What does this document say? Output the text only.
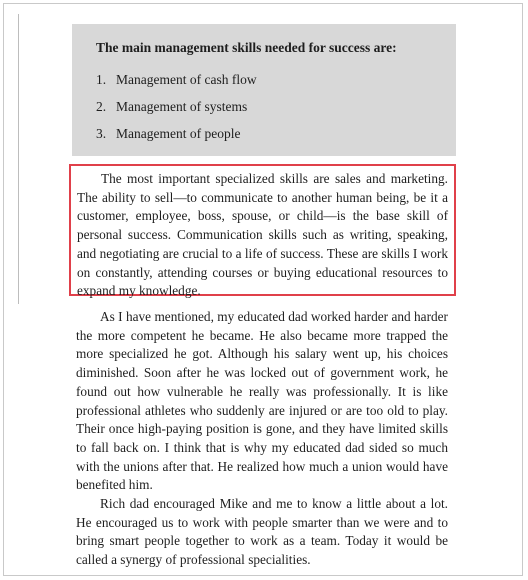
The main management skills needed for success are:
1. Management of cash flow
2. Management of systems
3. Management of people

The most important specialized skills are sales and marketing. The ability to sell—to communicate to another human being, be it a customer, employee, boss, spouse, or child—is the base skill of personal success. Communication skills such as writing, speaking, and negotiating are crucial to a life of success. These are skills I work on constantly, attending courses or buying educational resources to expand my knowledge.

As I have mentioned, my educated dad worked harder and harder the more competent he became. He also became more trapped the more specialized he got. Although his salary went up, his choices diminished. Soon after he was locked out of government work, he found out how vulnerable he really was professionally. It is like professional athletes who suddenly are injured or are too old to play. Their once high-paying position is gone, and they have limited skills to fall back on. I think that is why my educated dad sided so much with the unions after that. He realized how much a union would have benefited him.

Rich dad encouraged Mike and me to know a little about a lot. He encouraged us to work with people smarter than we were and to bring smart people together to work as a team. Today it would be called a synergy of professional specialities.
